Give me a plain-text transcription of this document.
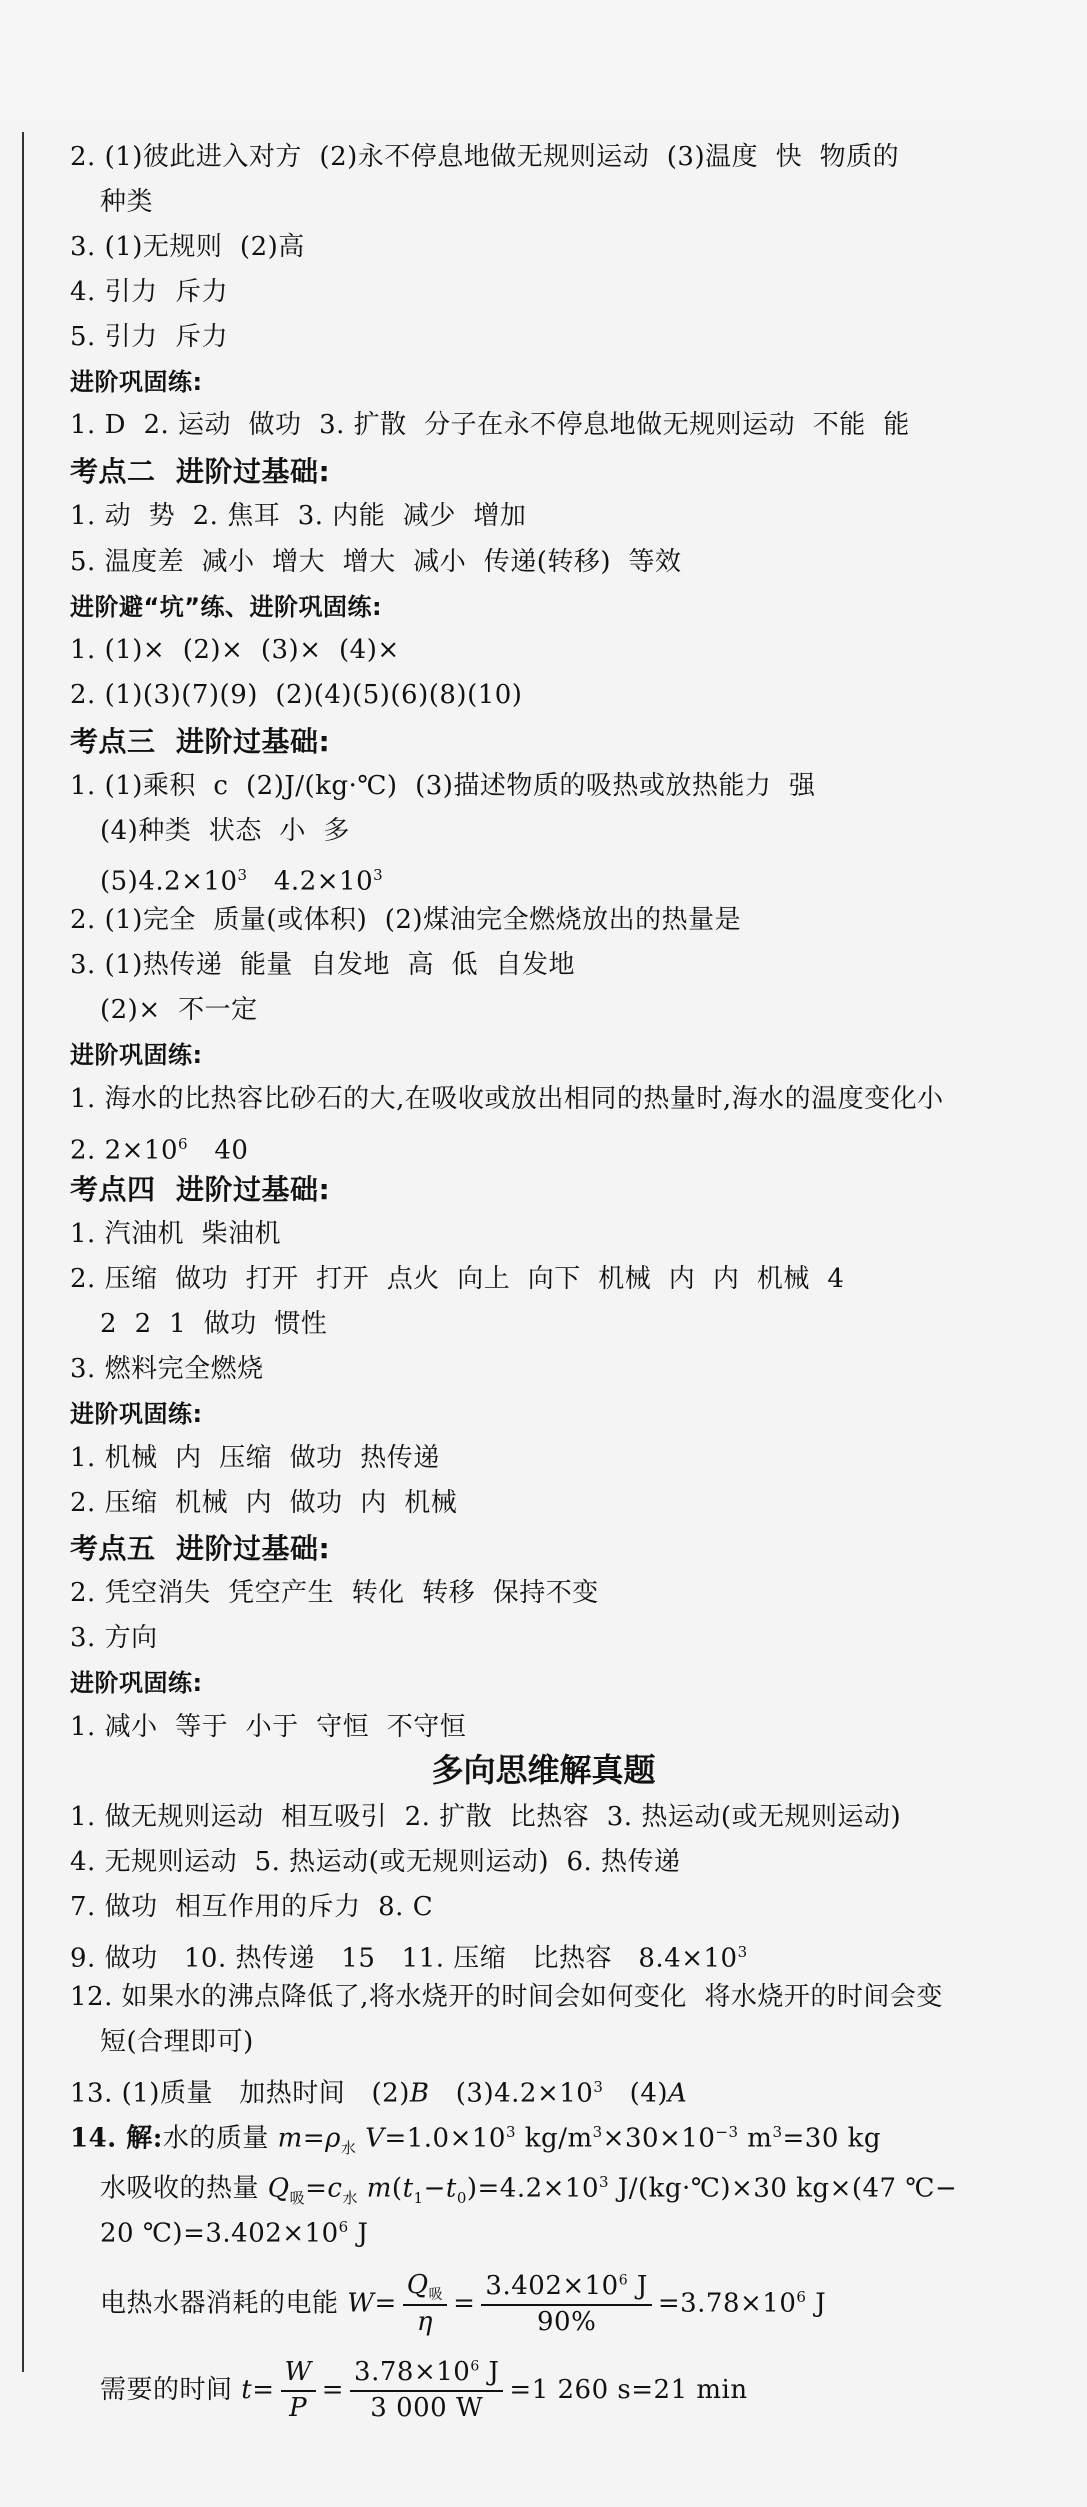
2. (1)彼此进入对方  (2)永不停息地做无规则运动  (3)温度  快  物质的
种类
3. (1)无规则  (2)高
4. 引力  斥力
5. 引力  斥力
进阶巩固练:
1. D  2. 运动  做功  3. 扩散  分子在永不停息地做无规则运动  不能  能
考点二  进阶过基础:
1. 动  势  2. 焦耳  3. 内能  减少  增加
5. 温度差  减小  增大  增大  减小  传递(转移)  等效
进阶避“坑”练、进阶巩固练:
1. (1)×  (2)×  (3)×  (4)×
2. (1)(3)(7)(9)  (2)(4)(5)(6)(8)(10)
考点三  进阶过基础:
1. (1)乘积  c  (2)J/(kg·℃)  (3)描述物质的吸热或放热能力  强
(4)种类  状态  小  多
$(5)4.2\times 10^3$   $4.2\times 10^3$
2. (1)完全  质量(或体积)  (2)煤油完全燃烧放出的热量是
3. (1)热传递  能量  自发地  高  低  自发地
(2)×  不一定
进阶巩固练:
1. 海水的比热容比砂石的大,在吸收或放出相同的热量时,海水的温度变化小
2. $2\times 10^6$   40
考点四  进阶过基础:
1. 汽油机  柴油机
2. 压缩  做功  打开  打开  点火  向上  向下  机械  内  内  机械  4
2  2  1  做功  惯性
3. 燃料完全燃烧
进阶巩固练:
1. 机械  内  压缩  做功  热传递
2. 压缩  机械  内  做功  内  机械
考点五  进阶过基础:
2. 凭空消失  凭空产生  转化  转移  保持不变
3. 方向
进阶巩固练:
1. 减小  等于  小于  守恒  不守恒
多向思维解真题
1. 做无规则运动  相互吸引  2. 扩散  比热容  3. 热运动(或无规则运动)
4. 无规则运动  5. 热运动(或无规则运动)  6. 热传递
7. 做功  相互作用的斥力  8. C
9. 做功   10. 热传递   15   11. 压缩   比热容   $8.4\times 10^3$
12. 如果水的沸点降低了,将水烧开的时间会如何变化  将水烧开的时间会变
短(合理即可)
13. (1)质量   加热时间   (2)B   $(3)4.2\times 10^3$   (4)A
14. 解:水的质量 $m=\rho_水$ $V=1.0\times 10^3$ $kg/m^3\times 30\times 10^{-3}$ $m^3=30$ kg
水吸收的热量 $Q_吸=c_水$ $m(t_1-t_0)=4.2\times 10^3$ J/(kg·℃)×30 kg×(47 ℃−
20 $℃)=3.402\times 10^6$ J
电热水器消耗的电能 $W= \frac{Q_吸}{\eta} = \frac{3.402\times 10^6 J}{90\%} =3.78\times 10^6$ J
需要的时间 $t= \frac{W}{P} = \frac{3.78\times 10^6 J}{3 000 W} =1$ 260 s=21 min
